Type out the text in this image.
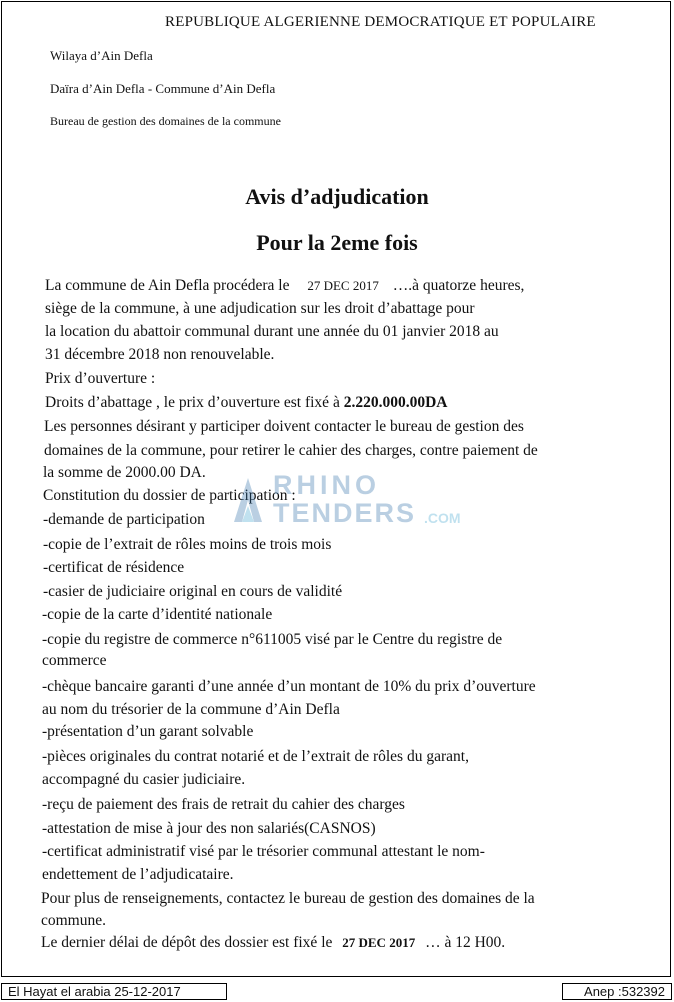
REPUBLIQUE ALGERIENNE DEMOCRATIQUE ET POPULAIRE
Wilaya d’Ain Defla
Daïra d’Ain Defla - Commune d’Ain Defla
Bureau de gestion des domaines de la commune
Avis d’adjudication
Pour la 2eme fois
La commune de Ain Defla procédera le 27 DEC 2017 ….à quatorze heures,
siège de la commune, à une adjudication sur les droit d’abattage pour
la location du abattoir communal durant une année du 01 janvier 2018 au
31 décembre 2018 non renouvelable.
Prix d’ouverture :
Droits d’abattage , le prix d’ouverture est fixé à 2.220.000.00DA
Les personnes désirant y participer doivent contacter le bureau de gestion des
domaines de la commune, pour retirer le cahier des charges, contre paiement de
la somme de 2000.00 DA.
Constitution du dossier de participation :
-demande de participation
-copie de l’extrait de rôles moins de trois mois
-certificat de résidence
-casier de judiciaire original en cours de validité
-copie de la carte d’identité nationale
-copie du registre de commerce n°611005 visé par le Centre du registre de
commerce
-chèque bancaire garanti d’une année d’un montant de 10% du prix d’ouverture
au nom du trésorier de la commune d’Ain Defla
-présentation d’un garant solvable
-pièces originales du contrat notarié et de l’extrait de rôles du garant,
accompagné du casier judiciaire.
-reçu de paiement des frais de retrait du cahier des charges
-attestation de mise à jour des non salariés(CASNOS)
-certificat administratif visé par le trésorier communal attestant le nom-
endettement de l’adjudicataire.
Pour plus de renseignements, contactez le bureau de gestion des domaines de la
commune.
Le dernier délai de dépôt des dossier est fixé le 27 DEC 2017 … à 12 H00.
RHINO
TENDERS .COM
El Hayat el arabia 25-12-2017	Anep :532392
